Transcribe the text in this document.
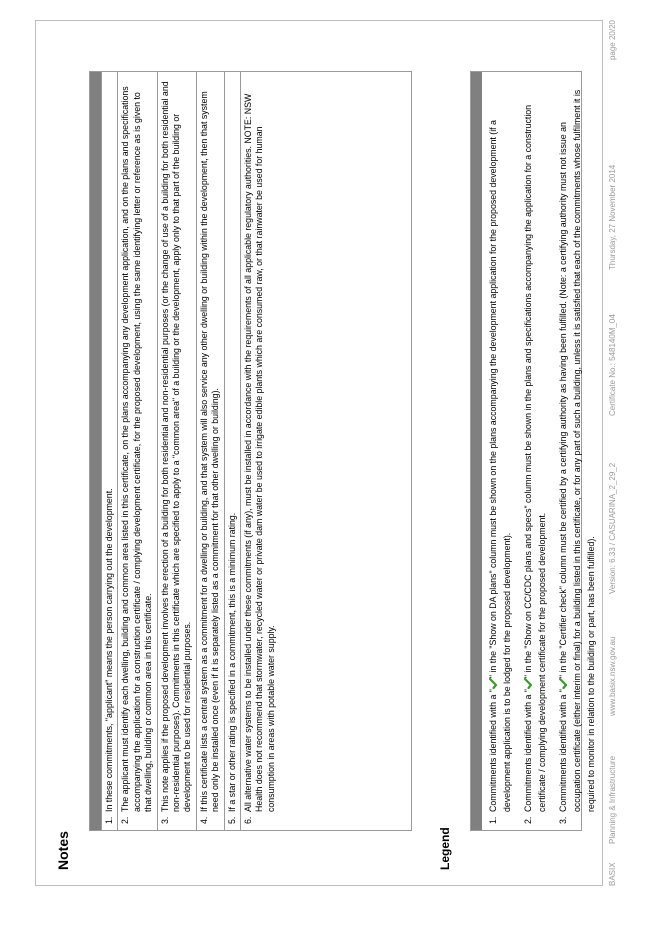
Notes
1.
In these commitments, "applicant" means the person carrying out the development.
2.
The applicant must identify each dwelling, building and common area listed in this certificate, on the plans accompanying any development application, and on the plans and specifications accompanying the application for a construction certificate / complying development certificate, for the proposed development, using the same identifying letter or reference as is given to that dwelling, building or common area in this certificate.
3.
This note applies if the proposed development involves the erection of a building for both residential and non-residential purposes (or the change of use of a building for both residential and non-residential purposes). Commitments in this certificate which are specified to apply to a "common area" of a building or the development, apply only to that part of the building or development to be used for residential purposes.
4.
If this certificate lists a central system as a commitment for a dwelling or building, and that system will also service any other dwelling or building within the development, then that system need only be installed once (even if it is separately listed as a commitment for that other dwelling or building).
5.
If a star or other rating is specified in a commitment, this is a minimum rating.
6.
All alternative water systems to be installed under these commitments (if any), must be installed in accordance with the requirements of all applicable regulatory authorities. NOTE: NSW Health does not recommend that stormwater, recycled water or private dam water be used to irrigate edible plants which are consumed raw, or that rainwater be used for human consumption in areas with potable water supply.
Legend
1.
Commitments identified with a "" in the "Show on DA plans" column must be shown on the plans accompanying the development application for the proposed development (if a development application is to be lodged for the proposed development).
2.
Commitments identified with a "" in the "Show on CC/CDC plans and specs" column must be shown in the plans and specifications accompanying the application for a construction certificate / complying development certificate for the proposed development.
3.
Commitments identified with a "" in the "Certifier check" column must be certified by a certifying authority as having been fulfilled. (Note: a certifying authority must not issue an occupation certificate (either interim or final) for a building listed in this certificate, or for any part of such a building, unless it is satisfied that each of the commitments whose fulfilment it is required to monitor in relation to the building or part, has been fulfilled).
BASIX
Planning & Infrastructure
www.basix.nsw.gov.au
Version: 6.33 / CASUARINA_2_29_2
Certificate No.: 548140M_04
Thursday, 27 November 2014
page 20/20
